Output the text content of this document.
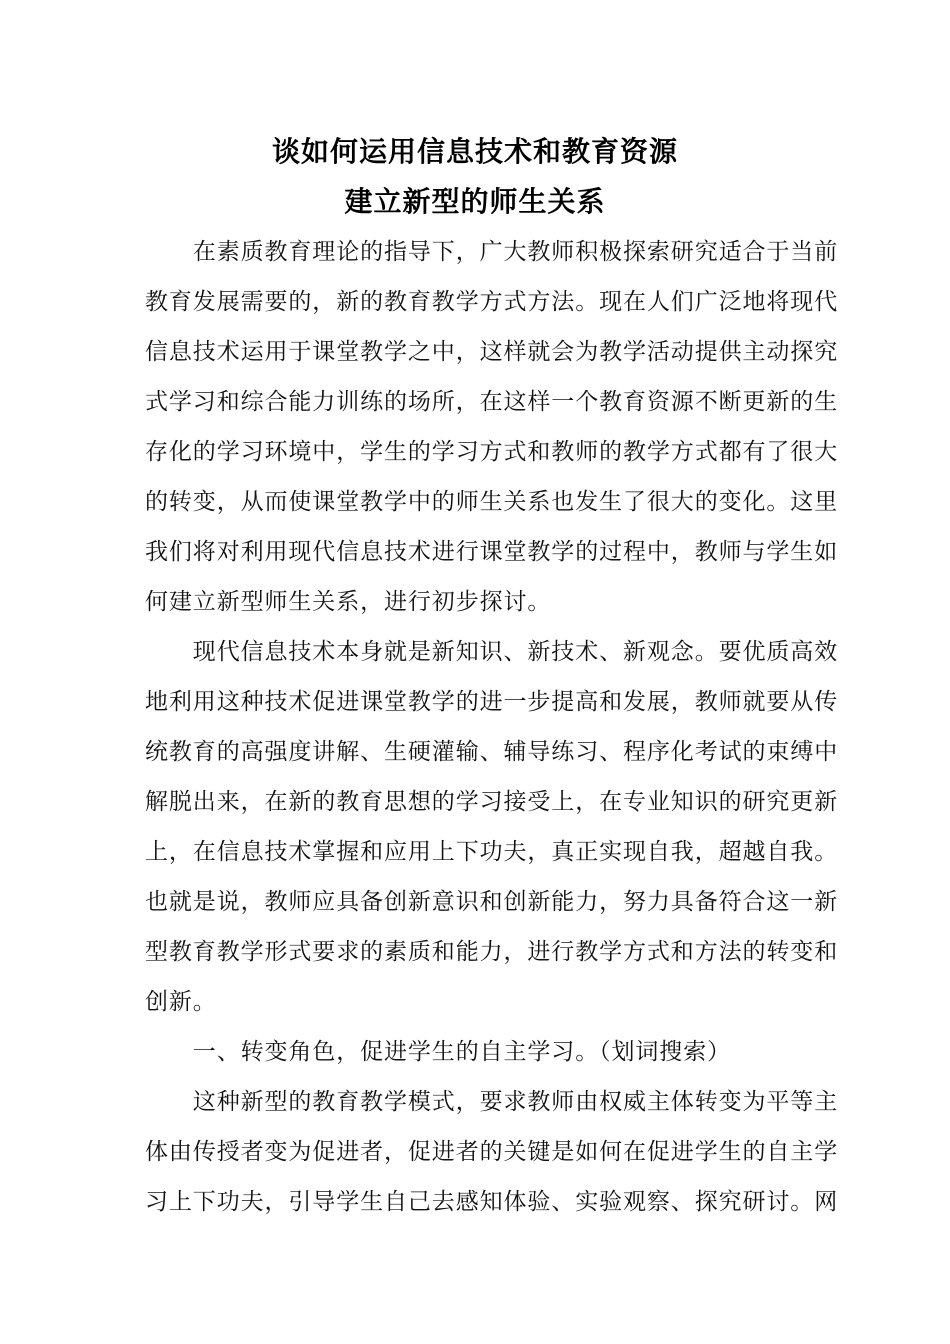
谈如何运用信息技术和教育资源
建立新型的师生关系
　　在素质教育理论的指导下，广大教师积极探索研究适合于当前
教育发展需要的，新的教育教学方式方法。现在人们广泛地将现代
信息技术运用于课堂教学之中，这样就会为教学活动提供主动探究
式学习和综合能力训练的场所，在这样一个教育资源不断更新的生
存化的学习环境中，学生的学习方式和教师的教学方式都有了很大
的转变，从而使课堂教学中的师生关系也发生了很大的变化。这里
我们将对利用现代信息技术进行课堂教学的过程中，教师与学生如
何建立新型师生关系，进行初步探讨。
　　现代信息技术本身就是新知识、新技术、新观念。要优质高效
地利用这种技术促进课堂教学的进一步提高和发展，教师就要从传
统教育的高强度讲解、生硬灌输、辅导练习、程序化考试的束缚中
解脱出来，在新的教育思想的学习接受上，在专业知识的研究更新
上，在信息技术掌握和应用上下功夫，真正实现自我，超越自我。
也就是说，教师应具备创新意识和创新能力，努力具备符合这一新
型教育教学形式要求的素质和能力，进行教学方式和方法的转变和
创新。
　　一、转变角色，促进学生的自主学习。（划词搜索）
　　这种新型的教育教学模式，要求教师由权威主体转变为平等主
体由传授者变为促进者，促进者的关键是如何在促进学生的自主学
习上下功夫，引导学生自己去感知体验、实验观察、探究研讨。网
